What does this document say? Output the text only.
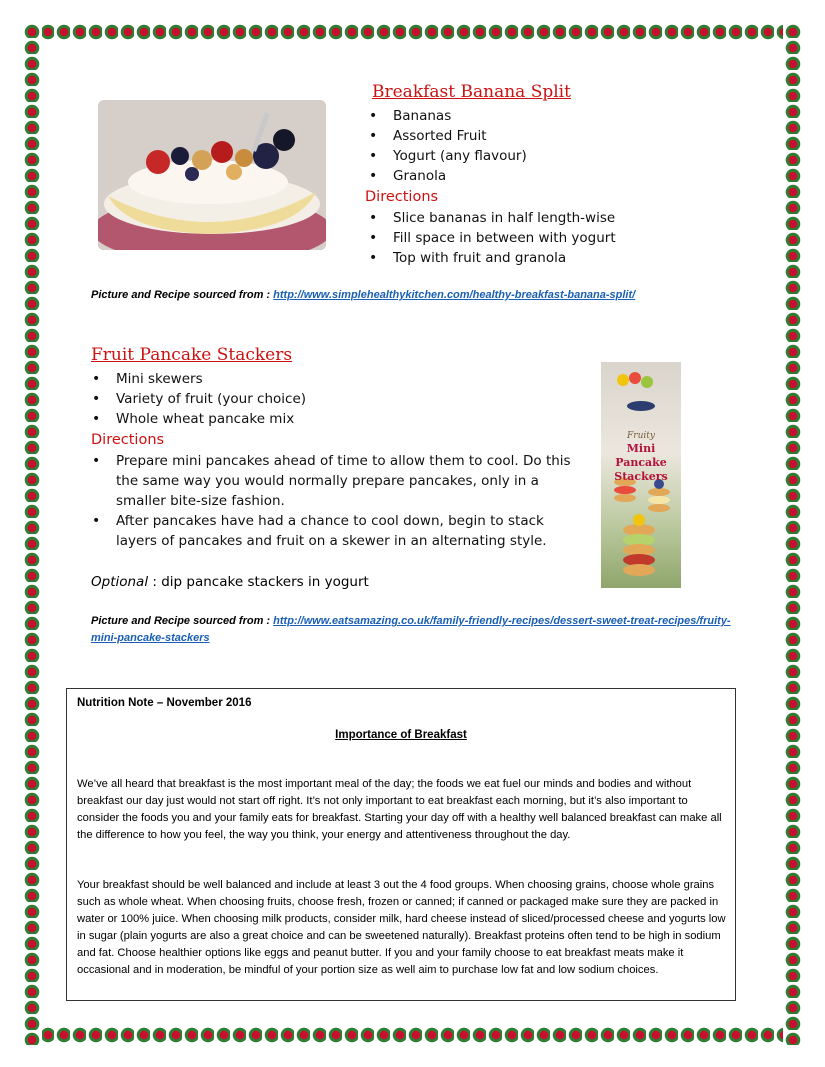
Breakfast Banana Split
• Bananas
• Assorted Fruit
• Yogurt (any flavour)
• Granola
Directions
• Slice bananas in half length-wise
• Fill space in between with yogurt
• Top with fruit and granola
Picture and Recipe sourced from : http://www.simplehealthykitchen.com/healthy-breakfast-banana-split/
Fruit Pancake Stackers
• Mini skewers
• Variety of fruit (your choice)
• Whole wheat pancake mix
Directions
• Prepare mini pancakes ahead of time to allow them to cool. Do this the same way you would normally prepare pancakes, only in a smaller bite-size fashion.
• After pancakes have had a chance to cool down, begin to stack layers of pancakes and fruit on a skewer in an alternating style.
Optional : dip pancake stackers in yogurt
Fruity
Mini Pancake
Stackers
Picture and Recipe sourced from : http://www.eatsamazing.co.uk/family-friendly-recipes/dessert-sweet-treat-recipes/fruity-mini-pancake-stackers
Nutrition Note – November 2016
Importance of Breakfast

We’ve all heard that breakfast is the most important meal of the day; the foods we eat fuel our minds and bodies and without breakfast our day just would not start off right. It’s not only important to eat breakfast each morning, but it’s also important to consider the foods you and your family eats for breakfast. Starting your day off with a healthy well balanced breakfast can make all the difference to how you feel, the way you think, your energy and attentiveness throughout the day.

Your breakfast should be well balanced and include at least 3 out the 4 food groups. When choosing grains, choose whole grains such as whole wheat. When choosing fruits, choose fresh, frozen or canned; if canned or packaged make sure they are packed in water or 100% juice. When choosing milk products, consider milk, hard cheese instead of sliced/processed cheese and yogurts low in sugar (plain yogurts are also a great choice and can be sweetened naturally). Breakfast proteins often tend to be high in sodium and fat. Choose healthier options like eggs and peanut butter. If you and your family choose to eat breakfast meats make it occasional and in moderation, be mindful of your portion size as well aim to purchase low fat and low sodium choices.
